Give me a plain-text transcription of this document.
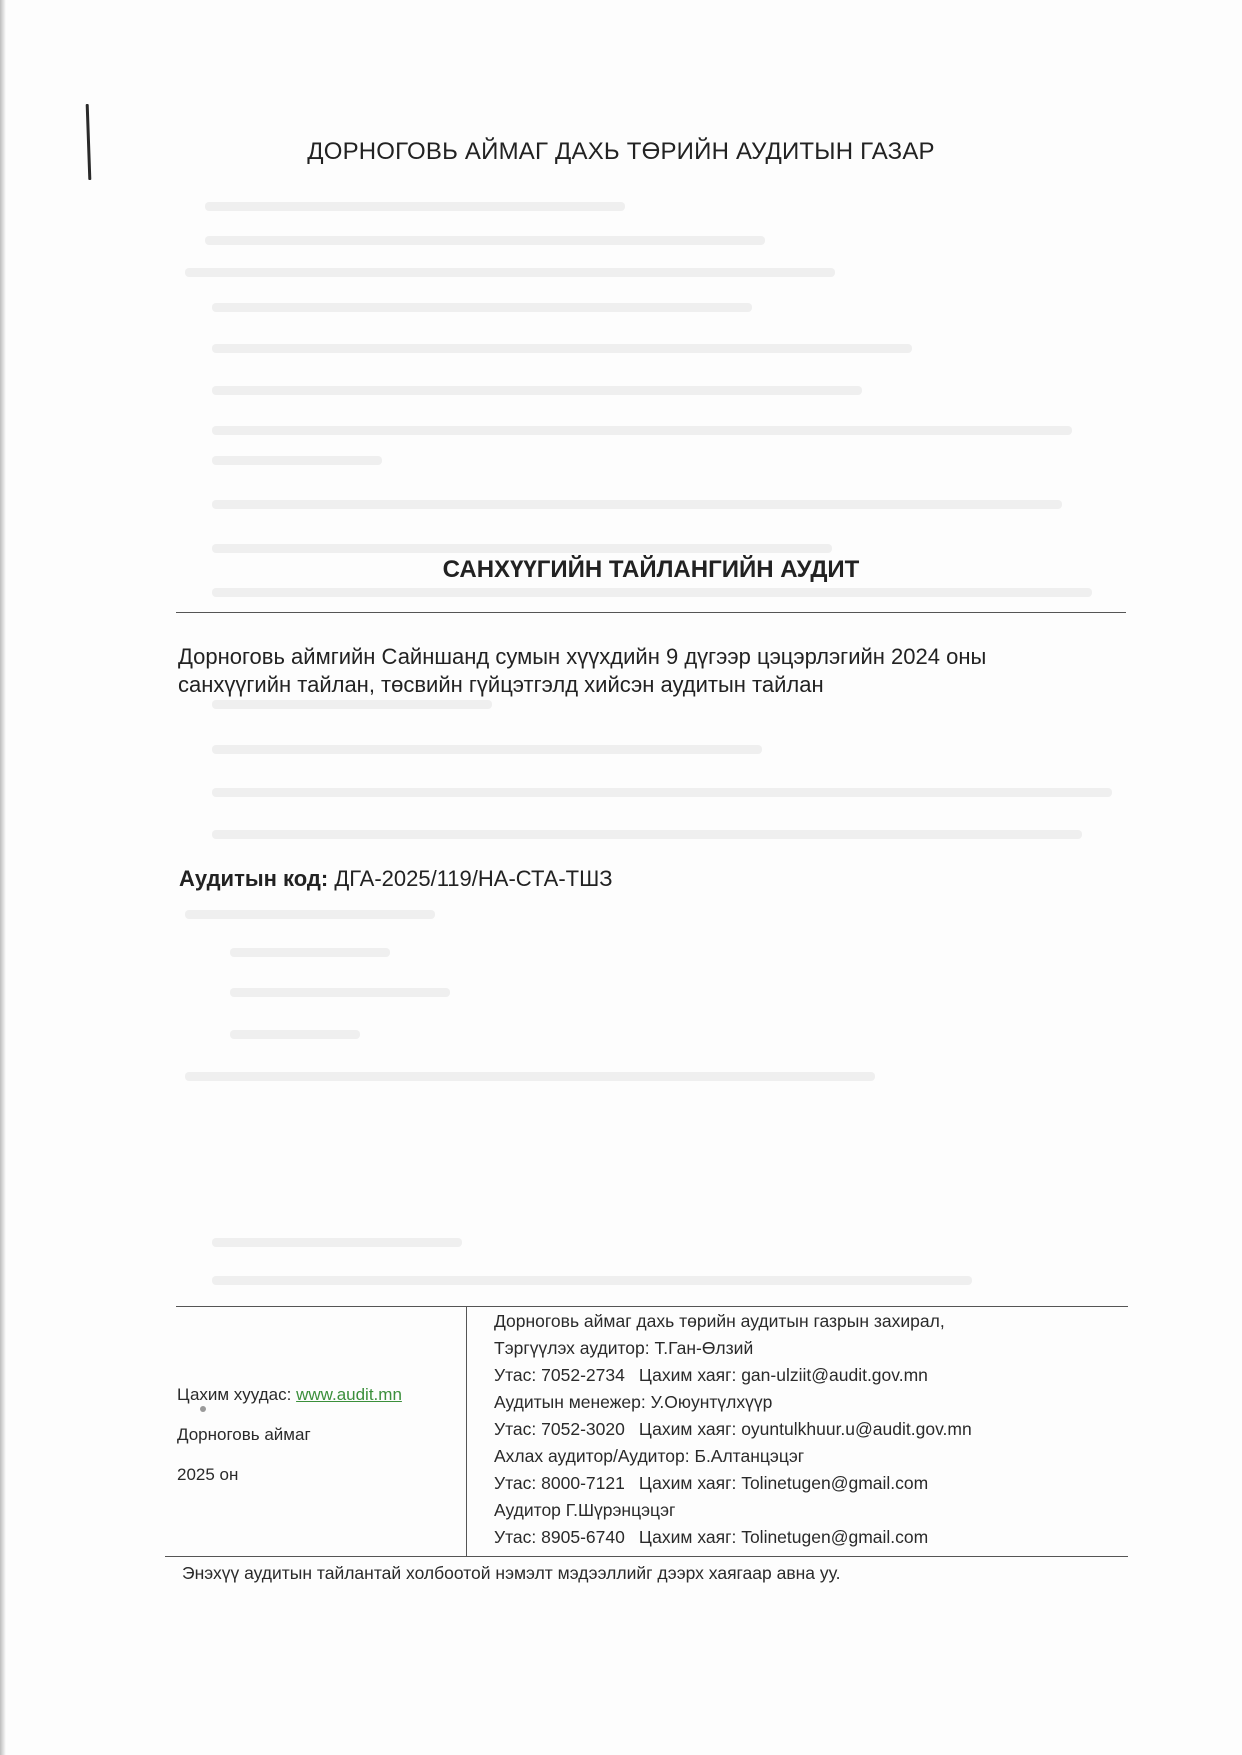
ДОРНОГОВЬ АЙМАГ ДАХЬ ТӨРИЙН АУДИТЫН ГАЗАР
САНХҮҮГИЙН ТАЙЛАНГИЙН АУДИТ
Дорноговь аймгийн Сайншанд сумын хүүхдийн 9 дүгээр цэцэрлэгийн 2024 оны
санхүүгийн тайлан, төсвийн гүйцэтгэлд хийсэн аудитын тайлан
Аудитын код: ДГА-2025/119/НА-СТА-ТШЗ
Цахим хуудас: www.audit.mn
Дорноговь аймаг
2025 он
Дорноговь аймаг дахь төрийн аудитын газрын захирал,
Тэргүүлэх аудитор: Т.Ган-Өлзий
Утас: 7052-2734 Цахим хаяг: gan-ulziit@audit.gov.mn
Аудитын менежер: У.Оюунтүлхүүр
Утас: 7052-3020 Цахим хаяг: oyuntulkhuur.u@audit.gov.mn
Ахлах аудитор/Аудитор: Б.Алтанцэцэг
Утас: 8000-7121 Цахим хаяг: Tolinetugen@gmail.com
Аудитор Г.Шүрэнцэцэг
Утас: 8905-6740 Цахим хаяг: Tolinetugen@gmail.com
Энэхүү аудитын тайлантай холбоотой нэмэлт мэдээллийг дээрх хаягаар авна уу.
